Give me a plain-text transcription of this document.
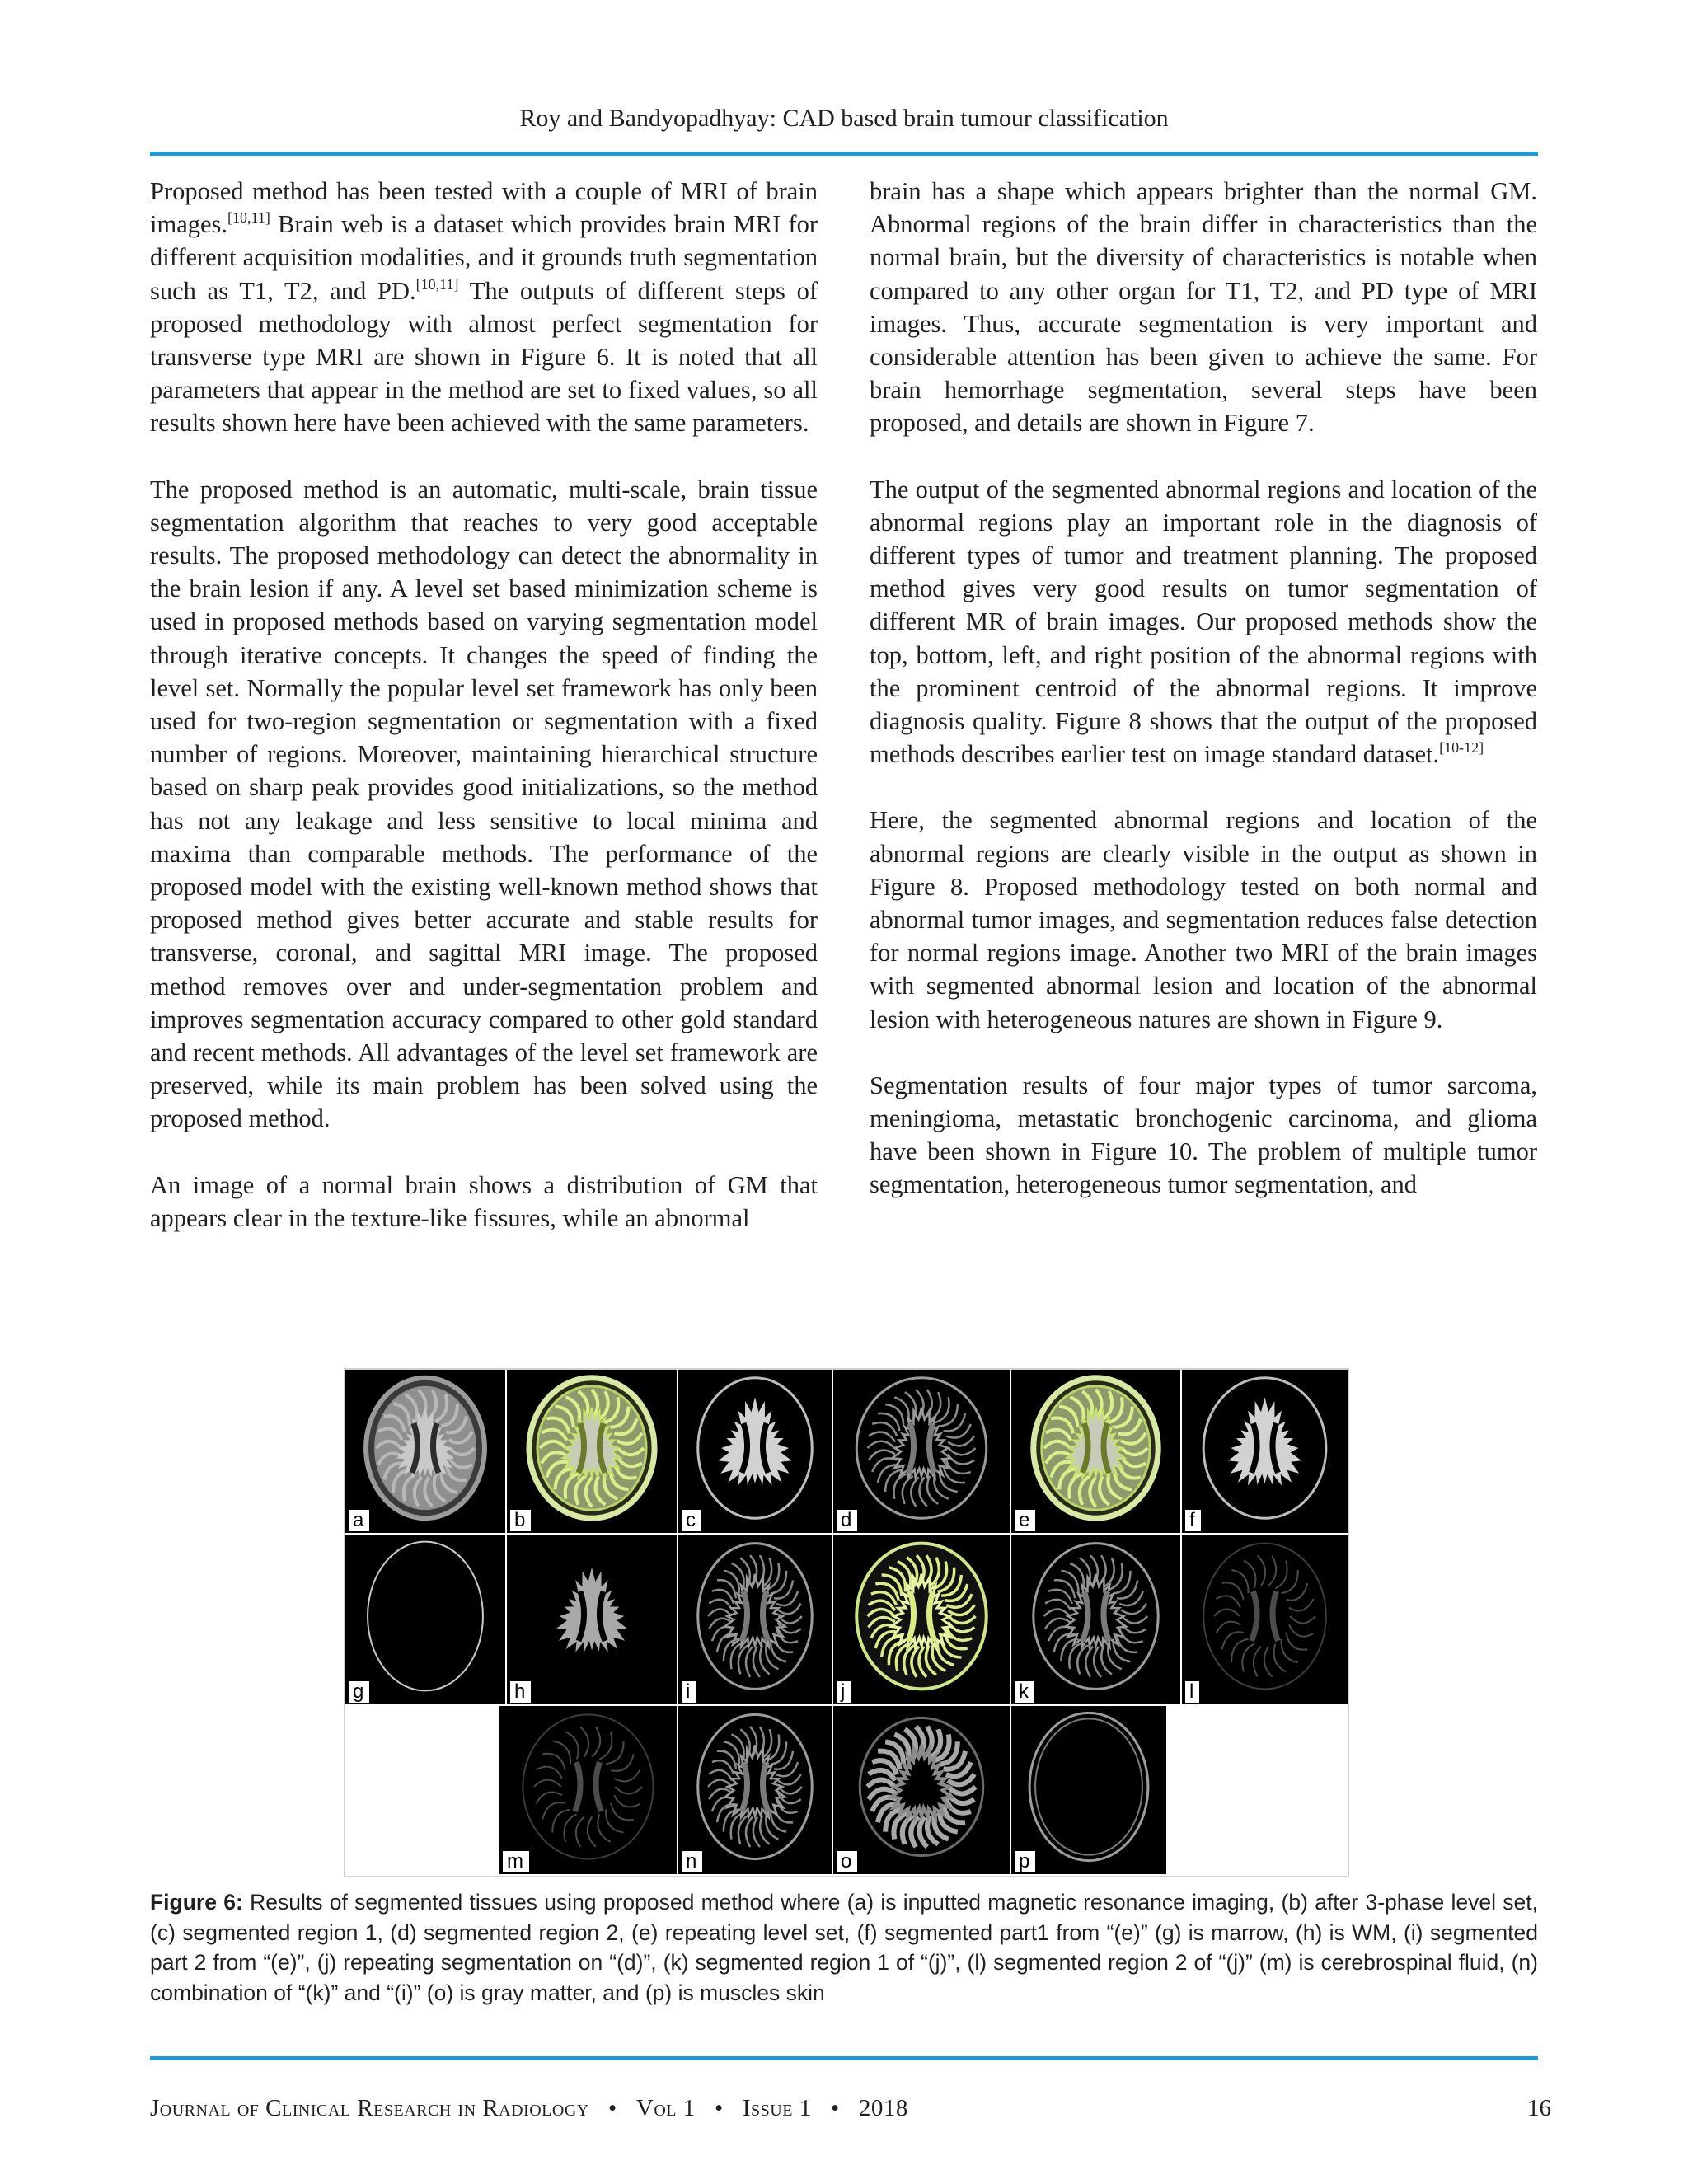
Roy and Bandyopadhyay: CAD based brain tumour classification

Proposed method has been tested with a couple of MRI of brain images.[10,11] Brain web is a dataset which provides brain MRI for different acquisition modalities, and it grounds truth segmentation such as T1, T2, and PD.[10,11] The outputs of different steps of proposed methodology with almost perfect segmentation for transverse type MRI are shown in Figure 6. It is noted that all parameters that appear in the method are set to fixed values, so all results shown here have been achieved with the same parameters.

The proposed method is an automatic, multi-scale, brain tissue segmentation algorithm that reaches to very good acceptable results. The proposed methodology can detect the abnormality in the brain lesion if any. A level set based minimization scheme is used in proposed methods based on varying segmentation model through iterative concepts. It changes the speed of finding the level set. Normally the popular level set framework has only been used for two-region segmentation or segmentation with a fixed number of regions. Moreover, maintaining hierarchical structure based on sharp peak provides good initializations, so the method has not any leakage and less sensitive to local minima and maxima than comparable methods. The performance of the proposed model with the existing well-known method shows that proposed method gives better accurate and stable results for transverse, coronal, and sagittal MRI image. The proposed method removes over and under-segmentation problem and improves segmentation accuracy compared to other gold standard and recent methods. All advantages of the level set framework are preserved, while its main problem has been solved using the proposed method.

An image of a normal brain shows a distribution of GM that appears clear in the texture-like fissures, while an abnormal

brain has a shape which appears brighter than the normal GM. Abnormal regions of the brain differ in characteristics than the normal brain, but the diversity of characteristics is notable when compared to any other organ for T1, T2, and PD type of MRI images. Thus, accurate segmentation is very important and considerable attention has been given to achieve the same. For brain hemorrhage segmentation, several steps have been proposed, and details are shown in Figure 7.

The output of the segmented abnormal regions and location of the abnormal regions play an important role in the diagnosis of different types of tumor and treatment planning. The proposed method gives very good results on tumor segmentation of different MR of brain images. Our proposed methods show the top, bottom, left, and right position of the abnormal regions with the prominent centroid of the abnormal regions. It improve diagnosis quality. Figure 8 shows that the output of the proposed methods describes earlier test on image standard dataset.[10-12]

Here, the segmented abnormal regions and location of the abnormal regions are clearly visible in the output as shown in Figure 8. Proposed methodology tested on both normal and abnormal tumor images, and segmentation reduces false detection for normal regions image. Another two MRI of the brain images with segmented abnormal lesion and location of the abnormal lesion with heterogeneous natures are shown in Figure 9.

Segmentation results of four major types of tumor sarcoma, meningioma, metastatic bronchogenic carcinoma, and glioma have been shown in Figure 10. The problem of multiple tumor segmentation, heterogeneous tumor segmentation, and

a	b	c	d	e	f
g	h	i	j	k	l
m	n	o	p
Figure 6: Results of segmented tissues using proposed method where (a) is inputted magnetic resonance imaging, (b) after 3-phase level set, (c) segmented region 1, (d) segmented region 2, (e) repeating level set, (f) segmented part1 from “(e)” (g) is marrow, (h) is WM, (i) segmented part 2 from “(e)”, (j) repeating segmentation on “(d)”, (k) segmented region 1 of “(j)”, (l) segmented region 2 of “(j)” (m) is cerebrospinal fluid, (n) combination of “(k)” and “(i)” (o) is gray matter, and (p) is muscles skin
Journal of Clinical Research in Radiology • Vol 1 • Issue 1 • 2018	16
